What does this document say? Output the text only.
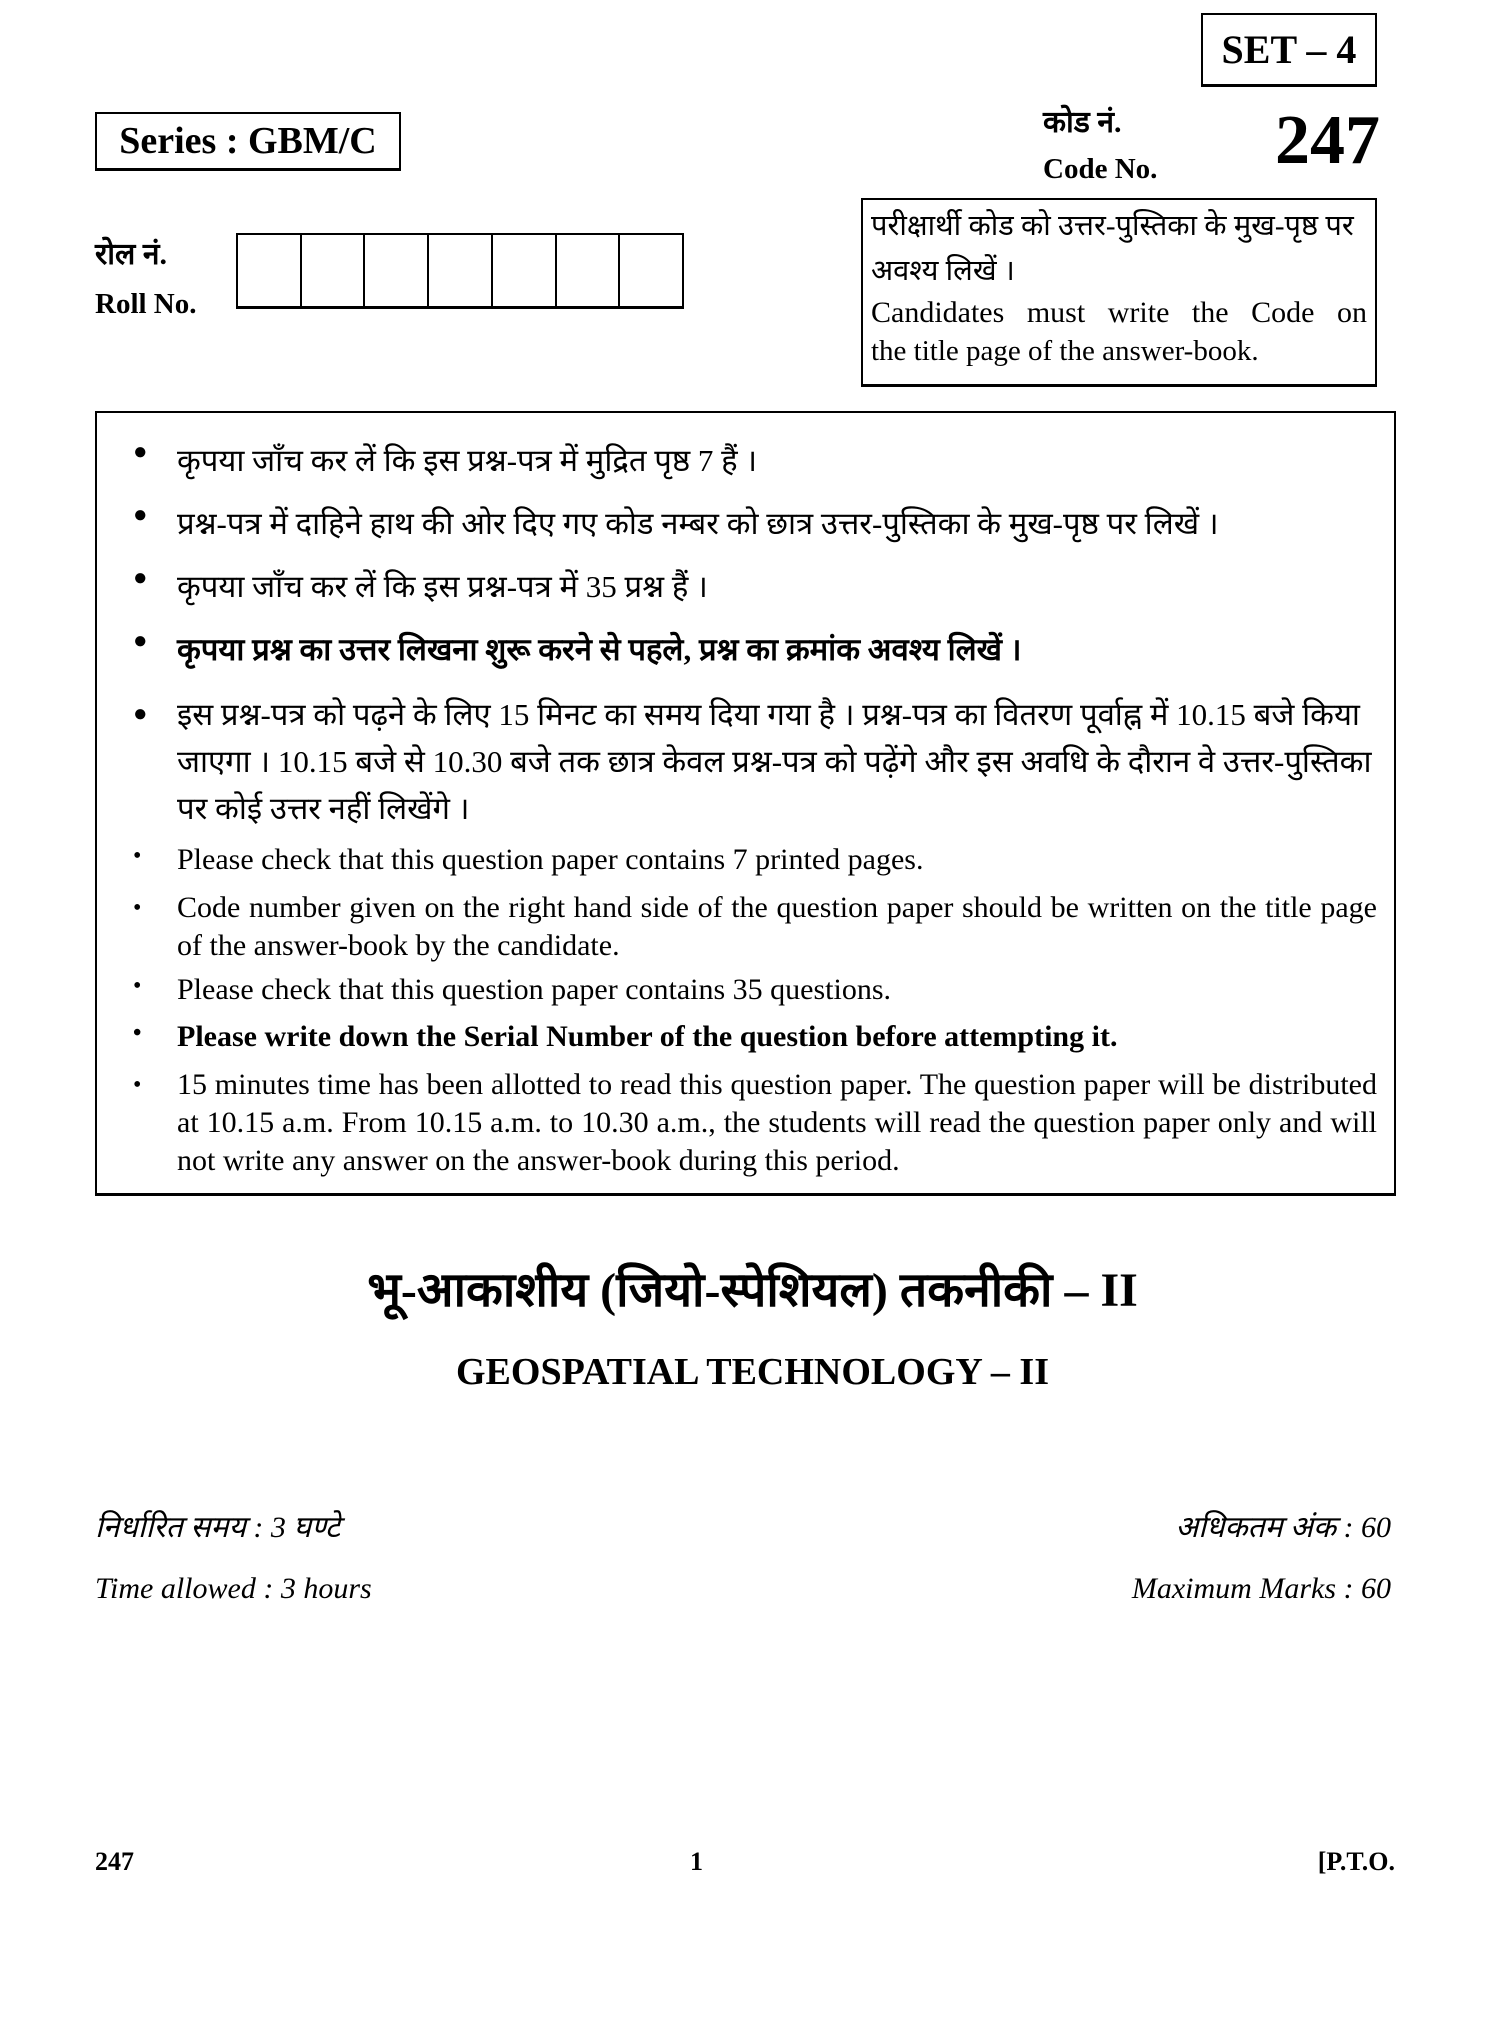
SET – 4
Series : GBM/C	कोड नं.
Code No. 247
रोल नं.
Roll No.
परीक्षार्थी कोड को उत्तर-पुस्तिका के मुख-पृष्ठ पर अवश्य लिखें ।
Candidates must write the Code on
the title page of the answer-book.
● कृपया जाँच कर लें कि इस प्रश्न-पत्र में मुद्रित पृष्ठ 7 हैं ।
● प्रश्न-पत्र में दाहिने हाथ की ओर दिए गए कोड नम्बर को छात्र उत्तर-पुस्तिका के मुख-पृष्ठ पर लिखें ।
● कृपया जाँच कर लें कि इस प्रश्न-पत्र में 35 प्रश्न हैं ।
● कृपया प्रश्न का उत्तर लिखना शुरू करने से पहले, प्रश्न का क्रमांक अवश्य लिखें ।
● इस प्रश्न-पत्र को पढ़ने के लिए 15 मिनट का समय दिया गया है । प्रश्न-पत्र का वितरण पूर्वाह्न में 10.15 बजे किया जाएगा । 10.15 बजे से 10.30 बजे तक छात्र केवल प्रश्न-पत्र को पढ़ेंगे और इस अवधि के दौरान वे उत्तर-पुस्तिका पर कोई उत्तर नहीं लिखेंगे ।
• Please check that this question paper contains 7 printed pages.
• Code number given on the right hand side of the question paper should be written on the title page of the answer-book by the candidate.
• Please check that this question paper contains 35 questions.
• Please write down the Serial Number of the question before attempting it.
• 15 minutes time has been allotted to read this question paper. The question paper will be distributed at 10.15 a.m. From 10.15 a.m. to 10.30 a.m., the students will read the question paper only and will not write any answer on the answer-book during this period.
भू-आकाशीय (जियो-स्पेशियल) तकनीकी – II
GEOSPATIAL TECHNOLOGY – II
निर्धारित समय : 3 घण्टे	अधिकतम अंक : 60
Time allowed : 3 hours	Maximum Marks : 60
247	1	[P.T.O.
